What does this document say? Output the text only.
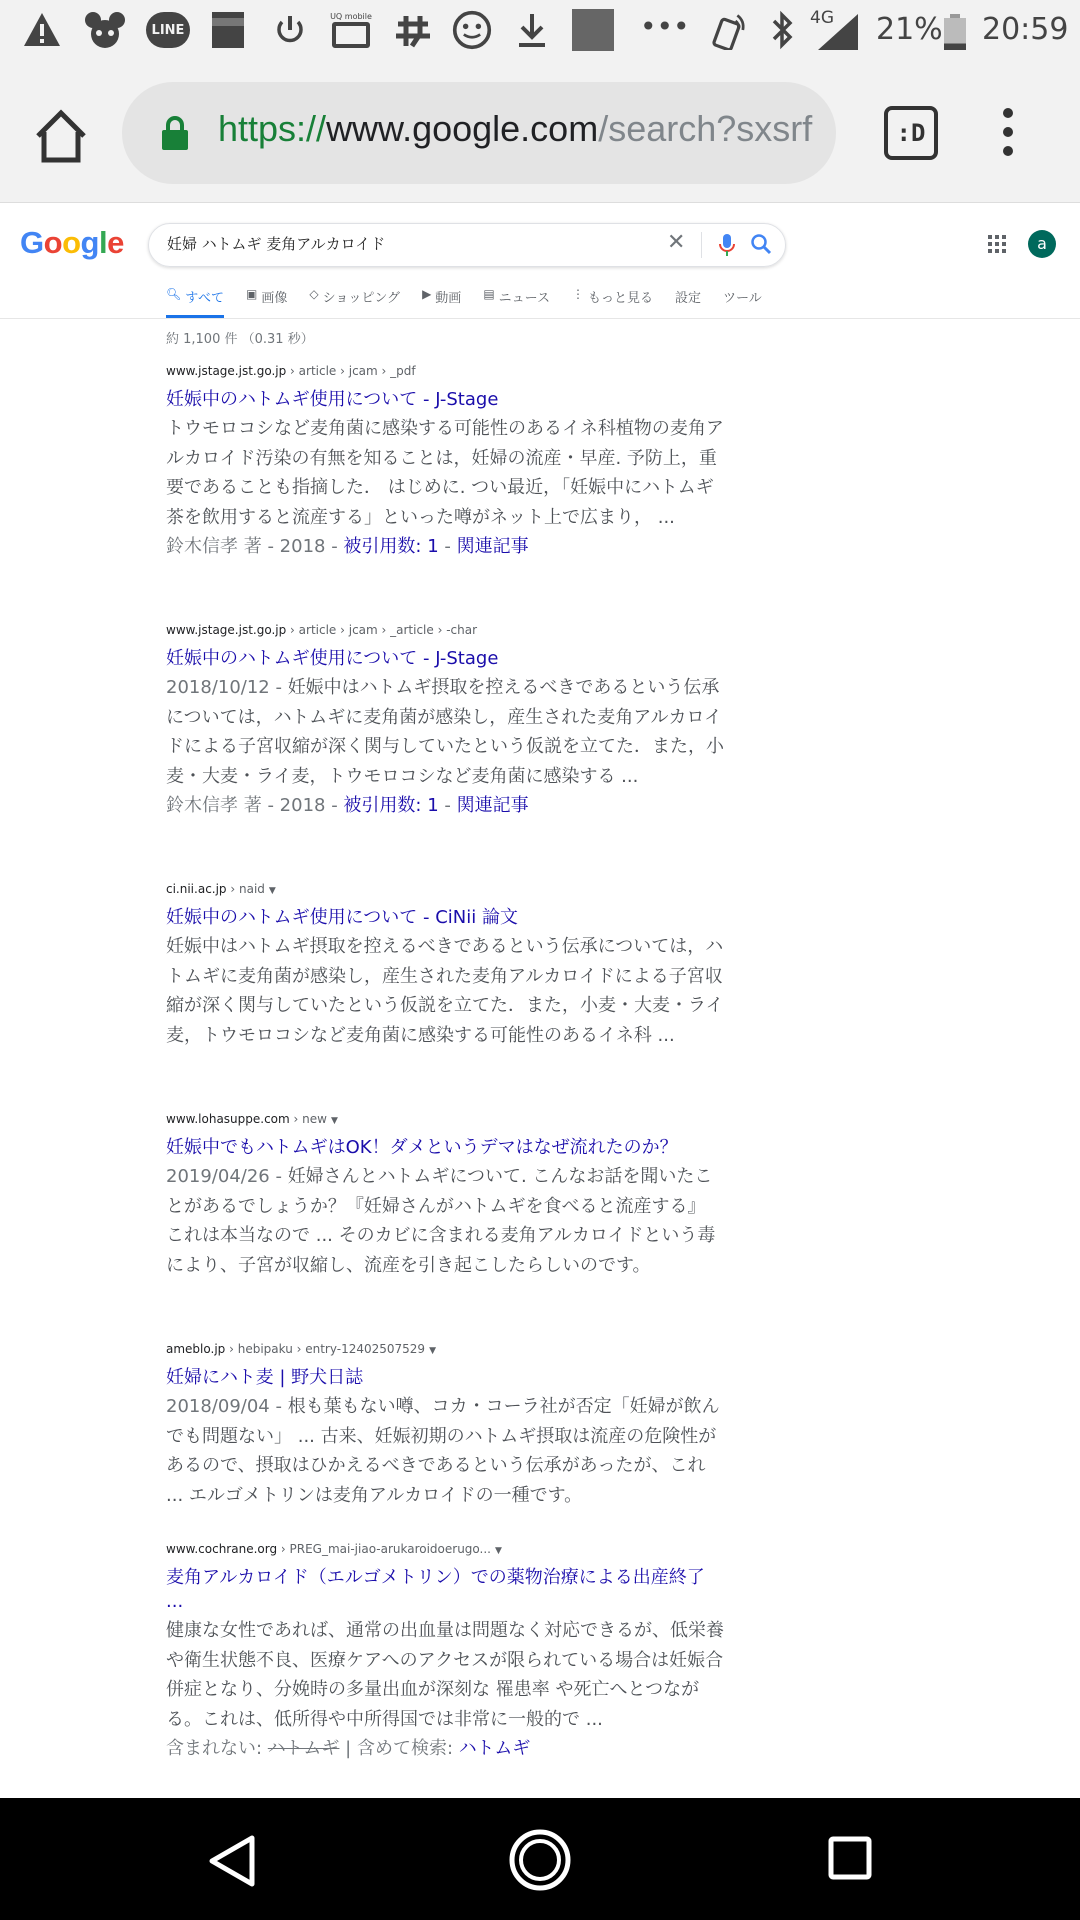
LINE
UQ mobile	•••	4G 21% 20:59
https://www.google.com/search?sxsrf	:D
Google	妊婦 ハトムギ 麦角アルカロイド	✕	a
🔍︎ すべて ▣ 画像 ◇ ショッピング ▶ 動画 ▤ ニュース ⋮ もっと見る 設定 ツール
約 1,100 件 （0.31 秒）
www.jstage.jst.go.jp › article › jcam › _pdf
妊娠中のハトムギ使用について - J-Stage
トウモロコシなど麦角菌に感染する可能性のあるイネ科植物の麦角アルカロイド汚染の有無を知ることは，妊婦の流産・早産. 予防上，重要であることも指摘した． はじめに. つい最近，「妊娠中にハトムギ茶を飲用すると流産する」といった噂がネット上で広まり， ...
鈴木信孝 著 - 2018 - 被引用数: 1 - 関連記事
www.jstage.jst.go.jp › article › jcam › _article › -char
妊娠中のハトムギ使用について - J-Stage
2018/10/12 - 妊娠中はハトムギ摂取を控えるべきであるという伝承については，ハトムギに麦角菌が感染し，産生された麦角アルカロイドによる子宮収縮が深く関与していたという仮説を立てた．また，小麦・大麦・ライ麦，トウモロコシなど麦角菌に感染する ...
鈴木信孝 著 - 2018 - 被引用数: 1 - 関連記事
ci.nii.ac.jp › naid ▼
妊娠中のハトムギ使用について - CiNii 論文
妊娠中はハトムギ摂取を控えるべきであるという伝承については，ハトムギに麦角菌が感染し，産生された麦角アルカロイドによる子宮収縮が深く関与していたという仮説を立てた．また，小麦・大麦・ライ麦，トウモロコシなど麦角菌に感染する可能性のあるイネ科 ...
www.lohasuppe.com › new ▼
妊娠中でもハトムギはOK！ダメというデマはなぜ流れたのか？
2019/04/26 - 妊婦さんとハトムギについて. こんなお話を聞いたことがあるでしょうか？『妊婦さんがハトムギを食べると流産する』 これは本当なので ... そのカビに含まれる麦角アルカロイドという毒により、子宮が収縮し、流産を引き起こしたらしいのです。
ameblo.jp › hebipaku › entry-12402507529 ▼
妊婦にハト麦 | 野犬日誌
2018/09/04 - 根も葉もない噂、コカ・コーラ社が否定「妊婦が飲んでも問題ない」 ... 古来、妊娠初期のハトムギ摂取は流産の危険性があるので、摂取はひかえるべきであるという伝承があったが、これ ... エルゴメトリンは麦角アルカロイドの一種です。
www.cochrane.org › PREG_mai-jiao-arukaroidoerugo... ▼
麦角アルカロイド（エルゴメトリン）での薬物治療による出産終了 ...
健康な女性であれば、通常の出血量は問題なく対応できるが、低栄養や衛生状態不良、医療ケアへのアクセスが限られている場合は妊娠合併症となり、分娩時の多量出血が深刻な 罹患率 や死亡へとつながる。これは、低所得や中所得国では非常に一般的で ...
含まれない: ハトムギ | 含めて検索: ハトムギ
